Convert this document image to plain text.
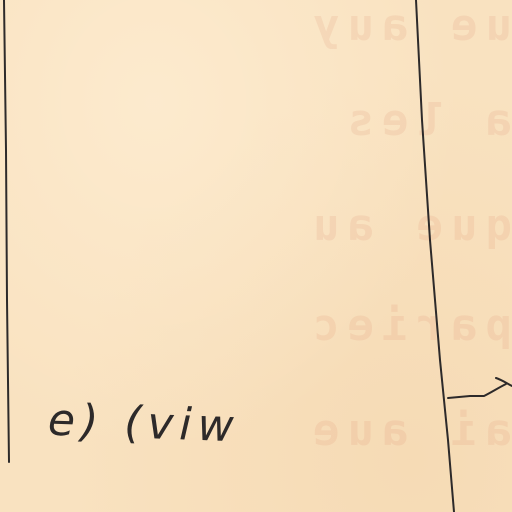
ue auy
a les
que au
pariec
ai aue
e) (viw
